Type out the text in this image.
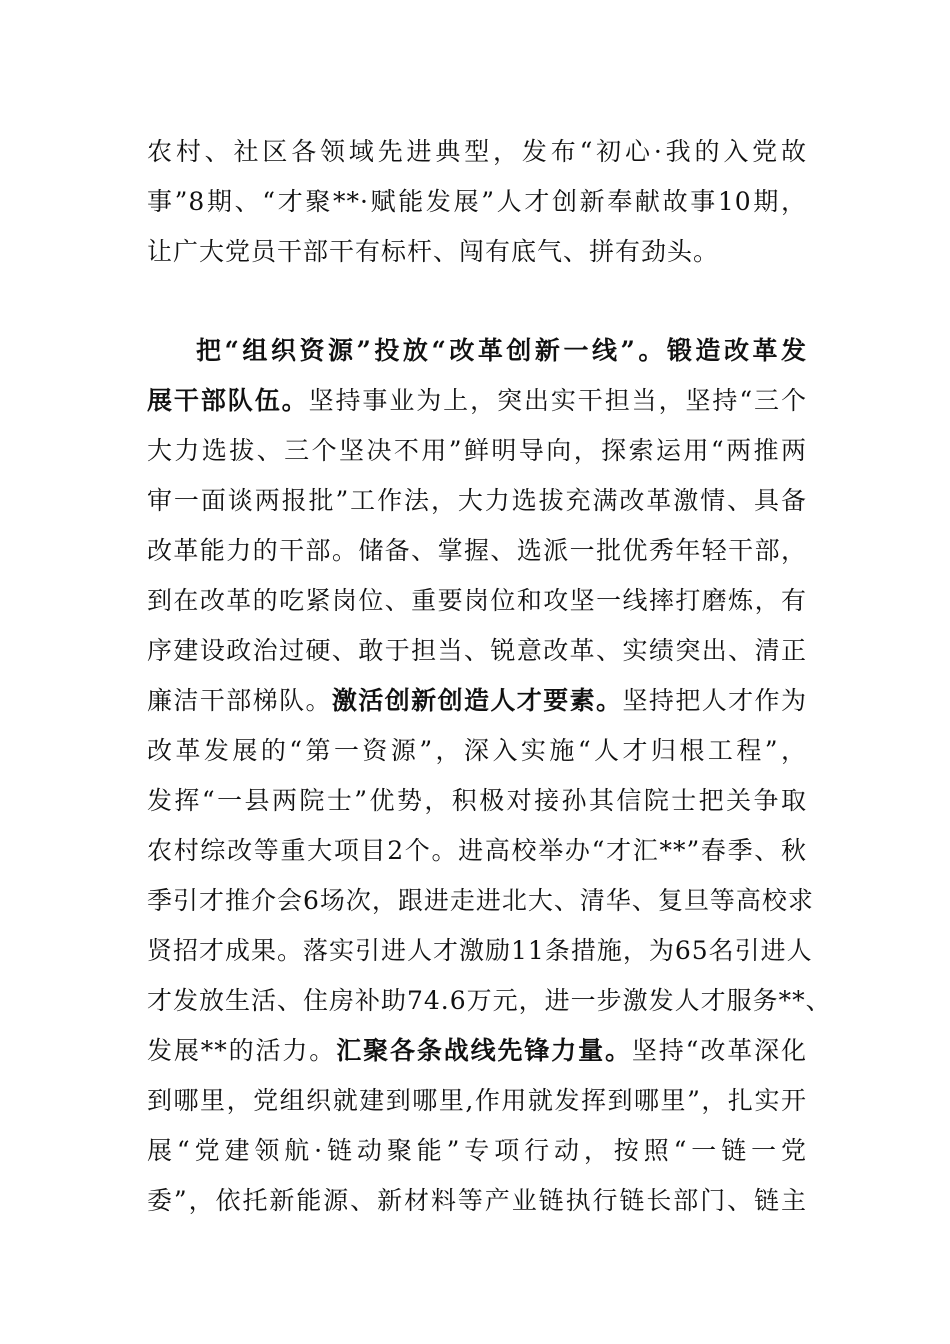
农村、社区各领域先进典型，发布“初心·我的入党故
事”8期、“才聚**·赋能发展”人才创新奉献故事10期，
让广大党员干部干有标杆、闯有底气、拼有劲头。
把“组织资源”投放“改革创新一线”。锻造改革发
展干部队伍。坚持事业为上，突出实干担当，坚持“三个
大力选拔、三个坚决不用”鲜明导向，探索运用“两推两
审一面谈两报批”工作法，大力选拔充满改革激情、具备
改革能力的干部。储备、掌握、选派一批优秀年轻干部，
到在改革的吃紧岗位、重要岗位和攻坚一线摔打磨炼，有
序建设政治过硬、敢于担当、锐意改革、实绩突出、清正
廉洁干部梯队。激活创新创造人才要素。坚持把人才作为
改革发展的“第一资源”，深入实施“人才归根工程”，
发挥“一县两院士”优势，积极对接孙其信院士把关争取
农村综改等重大项目2个。进高校举办“才汇**”春季、秋
季引才推介会6场次，跟进走进北大、清华、复旦等高校求
贤招才成果。落实引进人才激励11条措施，为65名引进人
才发放生活、住房补助74.6万元，进一步激发人才服务**、
发展**的活力。汇聚各条战线先锋力量。坚持“改革深化
到哪里，党组织就建到哪里,作用就发挥到哪里”，扎实开
展“党建领航·链动聚能”专项行动，按照“一链一党
委”，依托新能源、新材料等产业链执行链长部门、链主
